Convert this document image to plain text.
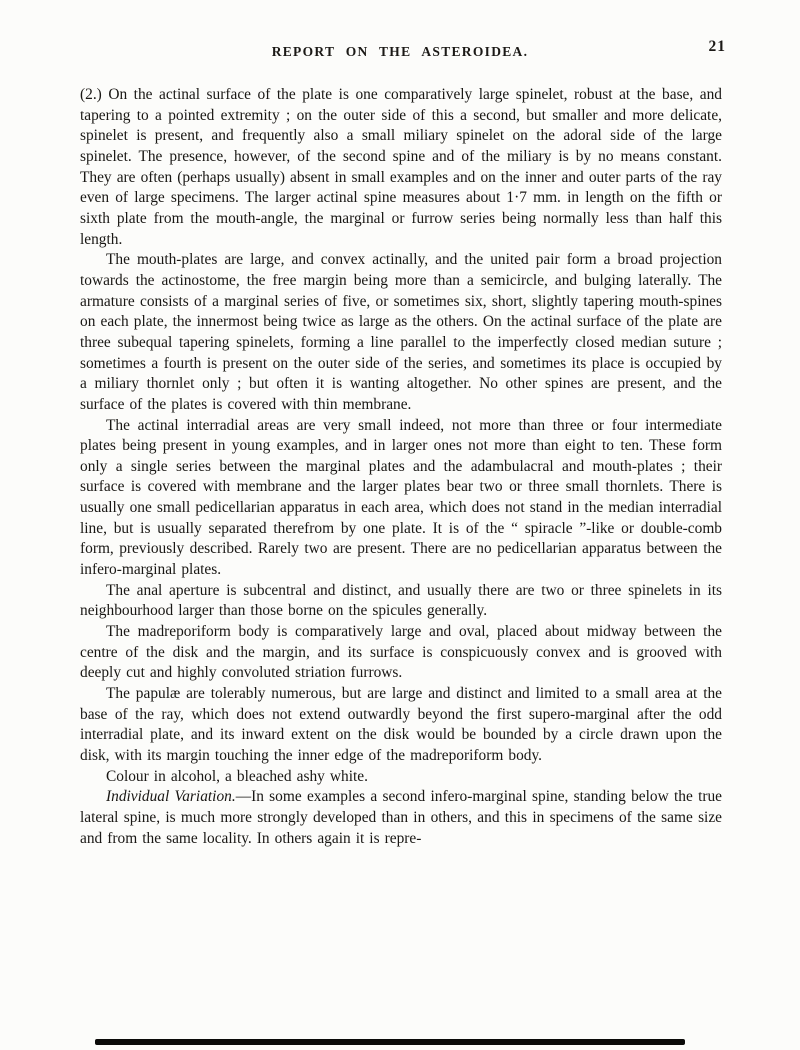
REPORT ON THE ASTEROIDEA.	21

(2.) On the actinal surface of the plate is one comparatively large spinelet, robust at the base, and tapering to a pointed extremity ; on the outer side of this a second, but smaller and more delicate, spinelet is present, and frequently also a small miliary spinelet on the adoral side of the large spinelet. The presence, however, of the second spine and of the miliary is by no means constant. They are often (perhaps usually) absent in small examples and on the inner and outer parts of the ray even of large specimens. The larger actinal spine measures about 1·7 mm. in length on the fifth or sixth plate from the mouth-angle, the marginal or furrow series being normally less than half this length.

The mouth-plates are large, and convex actinally, and the united pair form a broad projection towards the actinostome, the free margin being more than a semicircle, and bulging laterally. The armature consists of a marginal series of five, or sometimes six, short, slightly tapering mouth-spines on each plate, the innermost being twice as large as the others. On the actinal surface of the plate are three subequal tapering spinelets, forming a line parallel to the imperfectly closed median suture ; sometimes a fourth is present on the outer side of the series, and sometimes its place is occupied by a miliary thornlet only ; but often it is wanting altogether. No other spines are present, and the surface of the plates is covered with thin membrane.

The actinal interradial areas are very small indeed, not more than three or four intermediate plates being present in young examples, and in larger ones not more than eight to ten. These form only a single series between the marginal plates and the adambulacral and mouth-plates ; their surface is covered with membrane and the larger plates bear two or three small thornlets. There is usually one small pedicellarian apparatus in each area, which does not stand in the median interradial line, but is usually separated therefrom by one plate. It is of the “ spiracle ”-like or double-comb form, previously described. Rarely two are present. There are no pedicellarian apparatus between the infero-marginal plates.

The anal aperture is subcentral and distinct, and usually there are two or three spinelets in its neighbourhood larger than those borne on the spicules generally.

The madreporiform body is comparatively large and oval, placed about midway between the centre of the disk and the margin, and its surface is conspicuously convex and is grooved with deeply cut and highly convoluted striation furrows.

The papulæ are tolerably numerous, but are large and distinct and limited to a small area at the base of the ray, which does not extend outwardly beyond the first supero-marginal after the odd interradial plate, and its inward extent on the disk would be bounded by a circle drawn upon the disk, with its margin touching the inner edge of the madreporiform body.

Colour in alcohol, a bleached ashy white.

Individual Variation.—In some examples a second infero-marginal spine, standing below the true lateral spine, is much more strongly developed than in others, and this in specimens of the same size and from the same locality. In others again it is repre-
